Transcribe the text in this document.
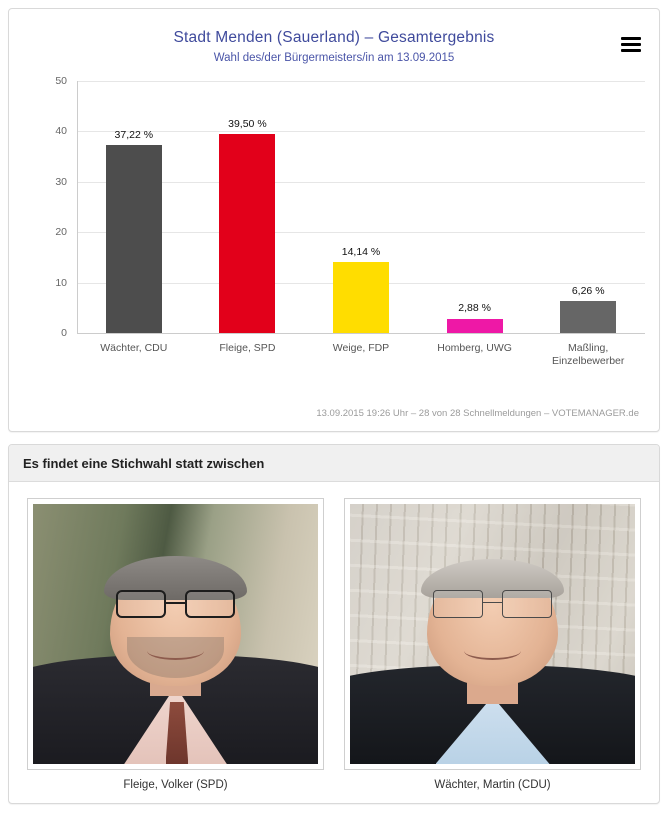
Stadt Menden (Sauerland) – Gesamtergebnis
Wahl des/der Bürgermeisters/in am 13.09.2015
0
10
20
30
40
50
37,22 %
Wächter, CDU
39,50 %
Fleige, SPD
14,14 %
Weige, FDP
2,88 %
Homberg, UWG
6,26 %
Maßling, Einzelbewerber
13.09.2015 19:26 Uhr – 28 von 28 Schnellmeldungen – VOTEMANAGER.de
Es findet eine Stichwahl statt zwischen
Fleige, Volker (SPD)	Wächter, Martin (CDU)
